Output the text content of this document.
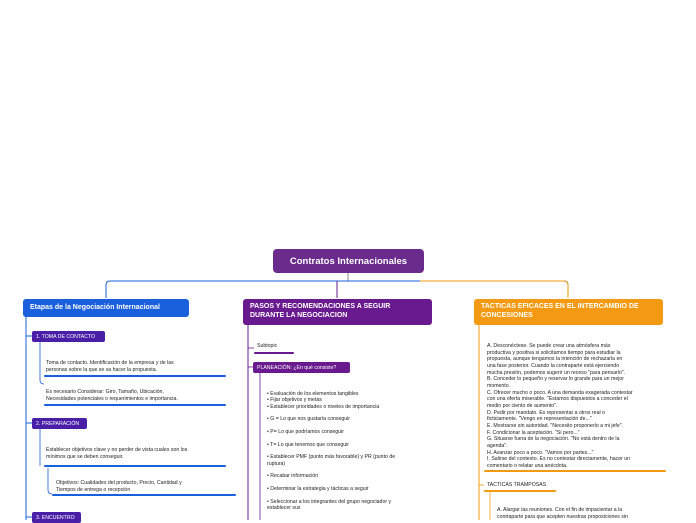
Contratos Internacionales
Etapas de la Negociación Internacional
1. TOMA DE CONTACTO
Toma de contacto. Identificación de la empresa y de las
personas sobre la que se va hacer la propuesta.
Es necesario Considerar: Giro, Tamaño, Ubicación,
Necesidades potenciales o requerimientos e importancia.
2. PREPARACIÓN
Establecer objetivos clave y no perder de vista cuales son los
mínimos que se deben conseguir.
Objetivos: Cualidades del producto, Precio, Cantidad y
Tiempos de entrega o recepción
3. ENCUENTRO
PASOS Y RECOMENDACIONES A SEGUIR DURANTE LA NEGOCIACION
Subtopic
PLANEACIÓN: ¿En qué consiste?
• Evaluación de los elementos tangibles
• Fijar objetivos y metas
• Establecer prioridades o niveles de importancia

• G = Lo que nos gustaría conseguir

• P= Lo que podríamos conseguir

• T= Lo que tenemos que conseguir

• Establecer PMF (punto más favorable) y PR (punto de
ruptura)

• Recabar información

• Determinar la estrategia y tácticas a seguir

• Seleccionar a los integrantes del grupo negociador y
establecer sus
TACTICAS EFICACES EN EL INTERCAMBIO DE CONCESIONES
A. Desconéctese. Se puede crear una atmósfera más
productiva y positiva si solicitamos tiempo para estudiar la
propuesta, aunque tengamos la intención de rechazarla en
una fase posterior. Cuando la contraparte está ejerciendo
mucha presión, podemos sugerir un receso "para pensarlo".
B. Conceder lo pequeño y reservar lo grande para un mejor
momento.
C. Ofrecer mucho o poco. A una demanda exagerada contestar
con una oferta miserable. "Estamos dispuestos a conceder el
medio por ciento de aumento".
D. Pedir por mandato. Es representar a otros real o
ficticiamente. "Vengo en representación de..."
E. Mostrarse sin autoridad. "Necesito proponerlo a mi jefe".
F. Condicionar la aceptación. "Si pero..."
G. Situarse fuera de la negociación. "No está dentro de la
agenda".
H. Avanzar poco a poco. "Vamos por partes..."
I. Salirse del contexto. Es no contestar directamente, hacer un
comentario o relatar una anécdota.
TACTICAS TRAMPOSAS
A. Alargar las reuniones. Con el fin de impacientar a la
contraparte para que acepten nuestras proposiciones sin
